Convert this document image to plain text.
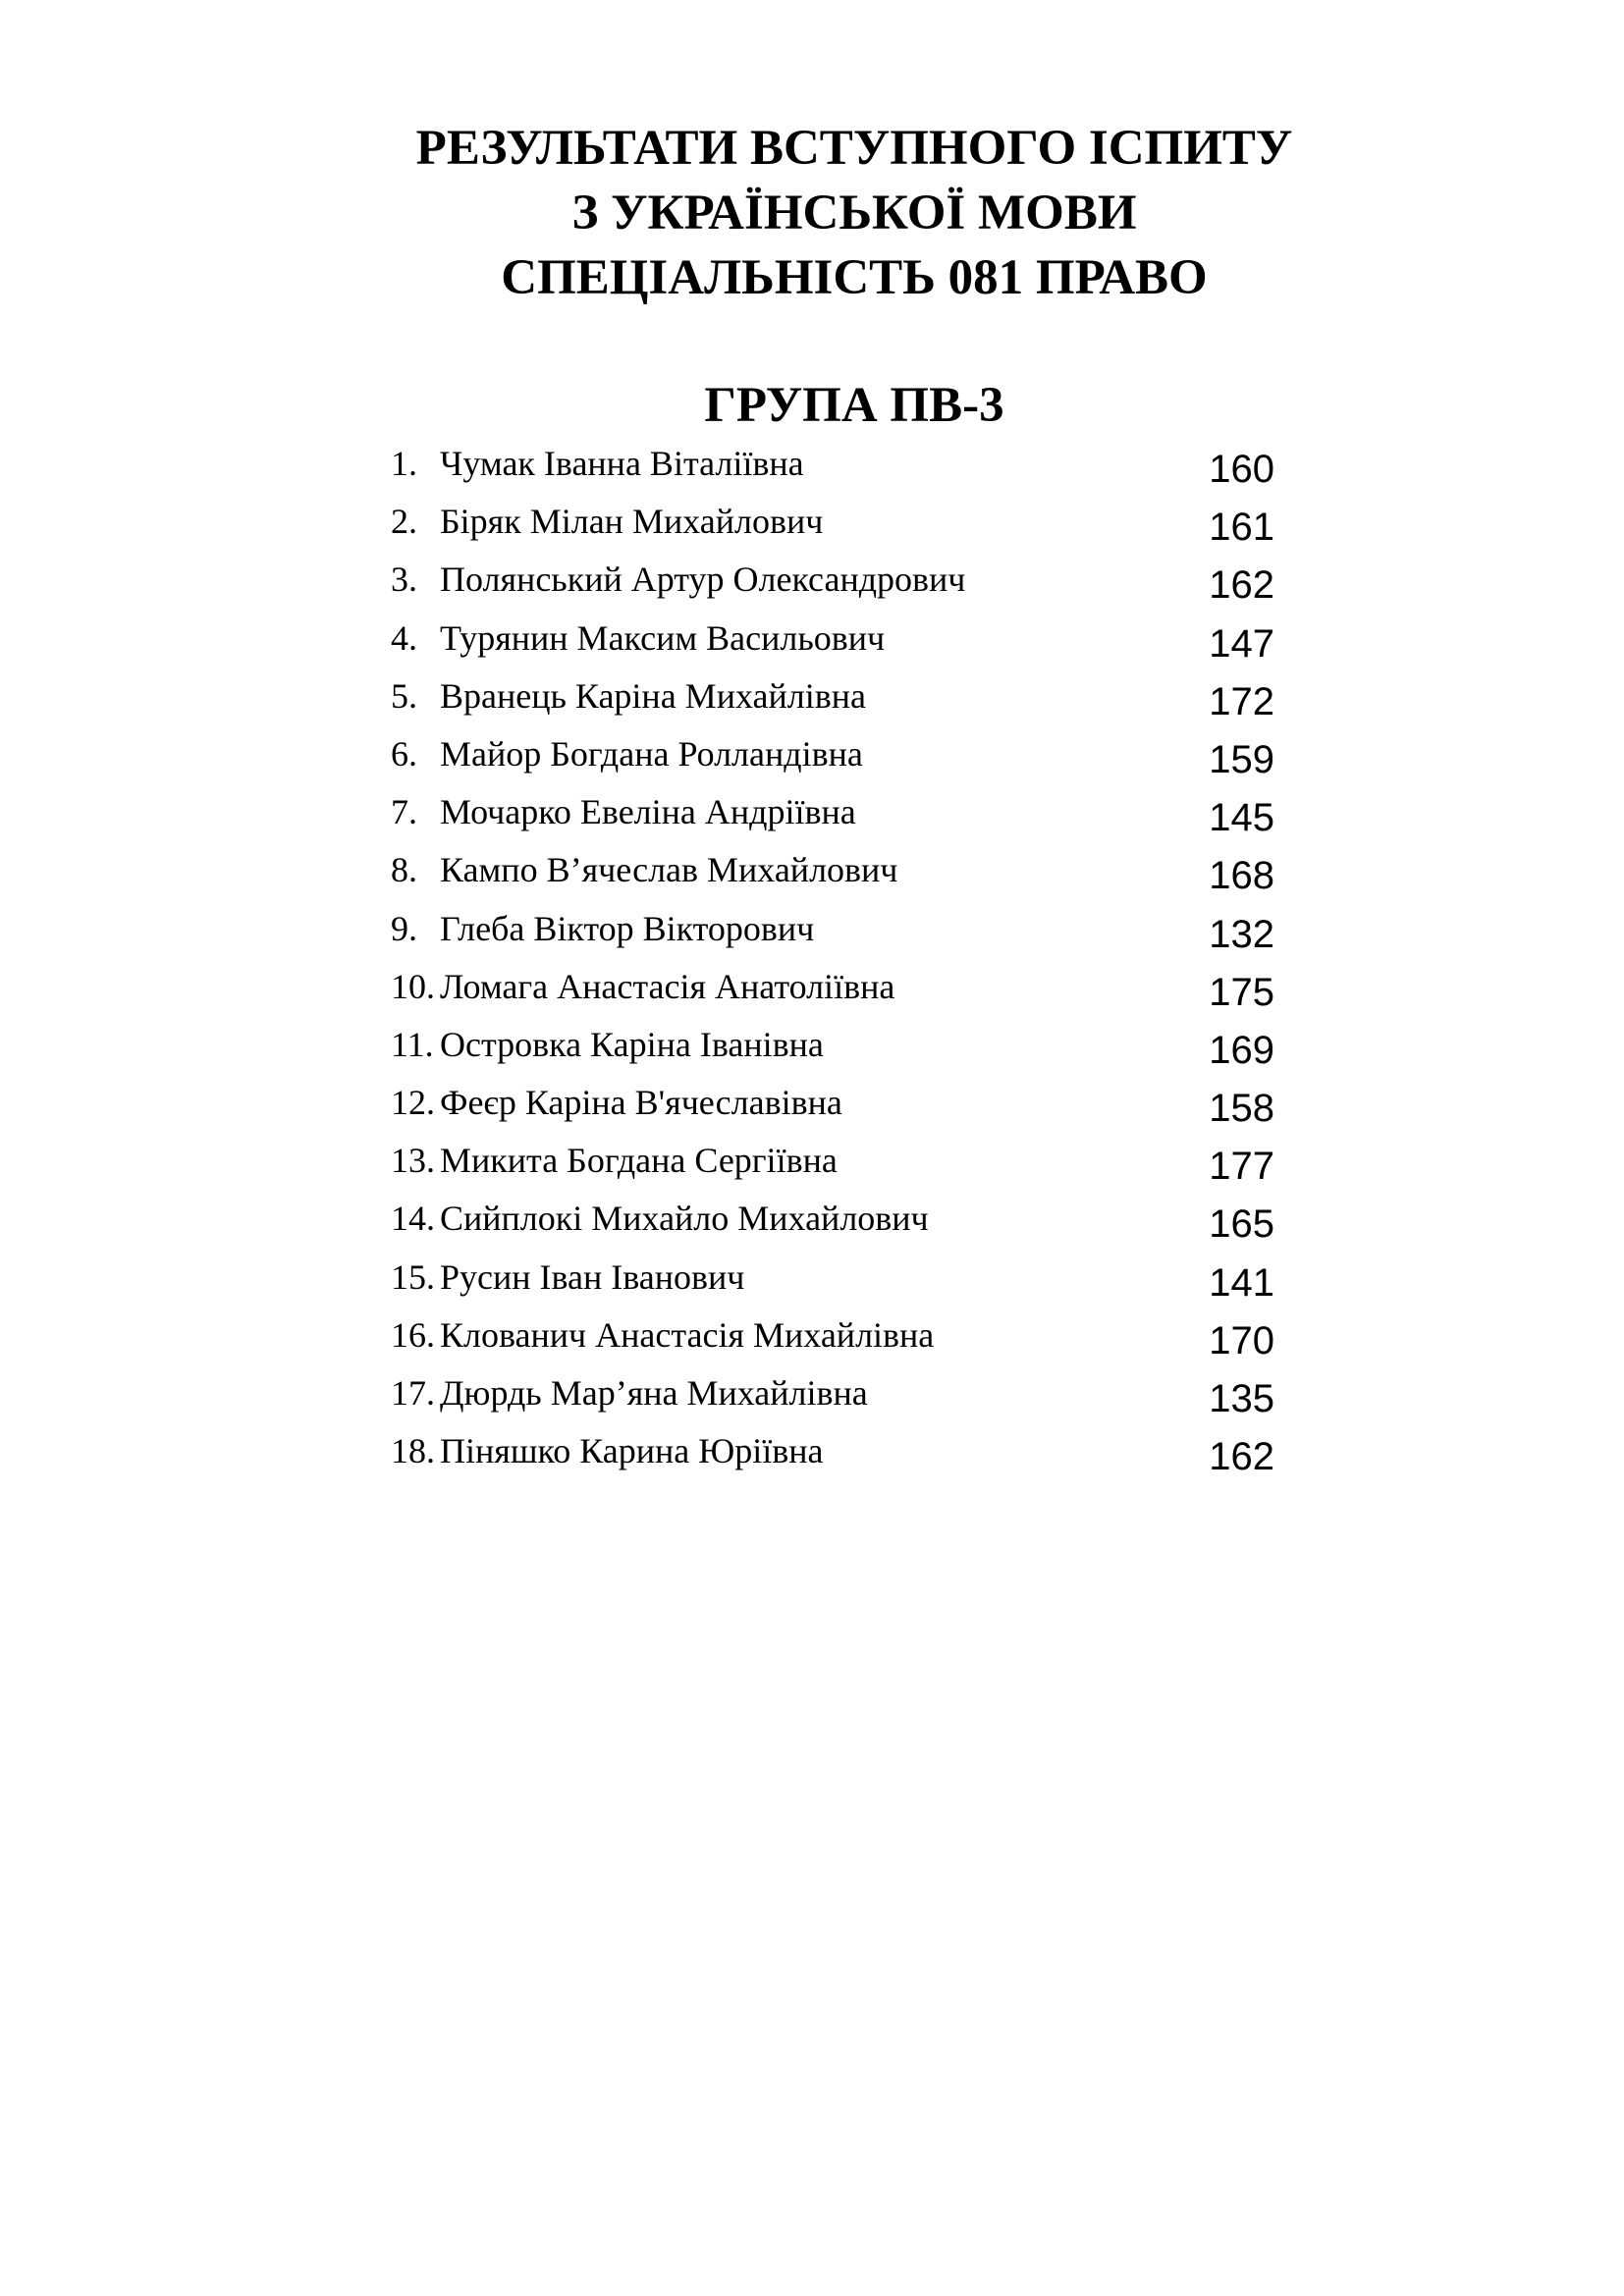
РЕЗУЛЬТАТИ ВСТУПНОГО ІСПИТУ
З УКРАЇНСЬКОЇ МОВИ
СПЕЦІАЛЬНІСТЬ 081 ПРАВО
ГРУПА ПВ-3
1. Чумак Іванна Віталіївна	160
2. Біряк Мілан Михайлович	161
3. Полянський Артур Олександрович	162
4. Турянин Максим Васильович	147
5. Вранець Каріна Михайлівна	172
6. Майор Богдана Ролландівна	159
7. Мочарко Евеліна Андріївна	145
8. Кампо В’ячеслав Михайлович	168
9. Глеба Віктор Вікторович	132
10. Ломага Анастасія Анатоліївна	175
11. Островка Каріна Іванівна	169
12. Феєр Каріна В'ячеславівна	158
13. Микита Богдана Сергіївна	177
14. Сийплокі Михайло Михайлович	165
15. Русин Іван Іванович	141
16. Клованич Анастасія Михайлівна	170
17. Дюрдь Мар’яна Михайлівна	135
18. Пiняшко Карина Юріївна	162
